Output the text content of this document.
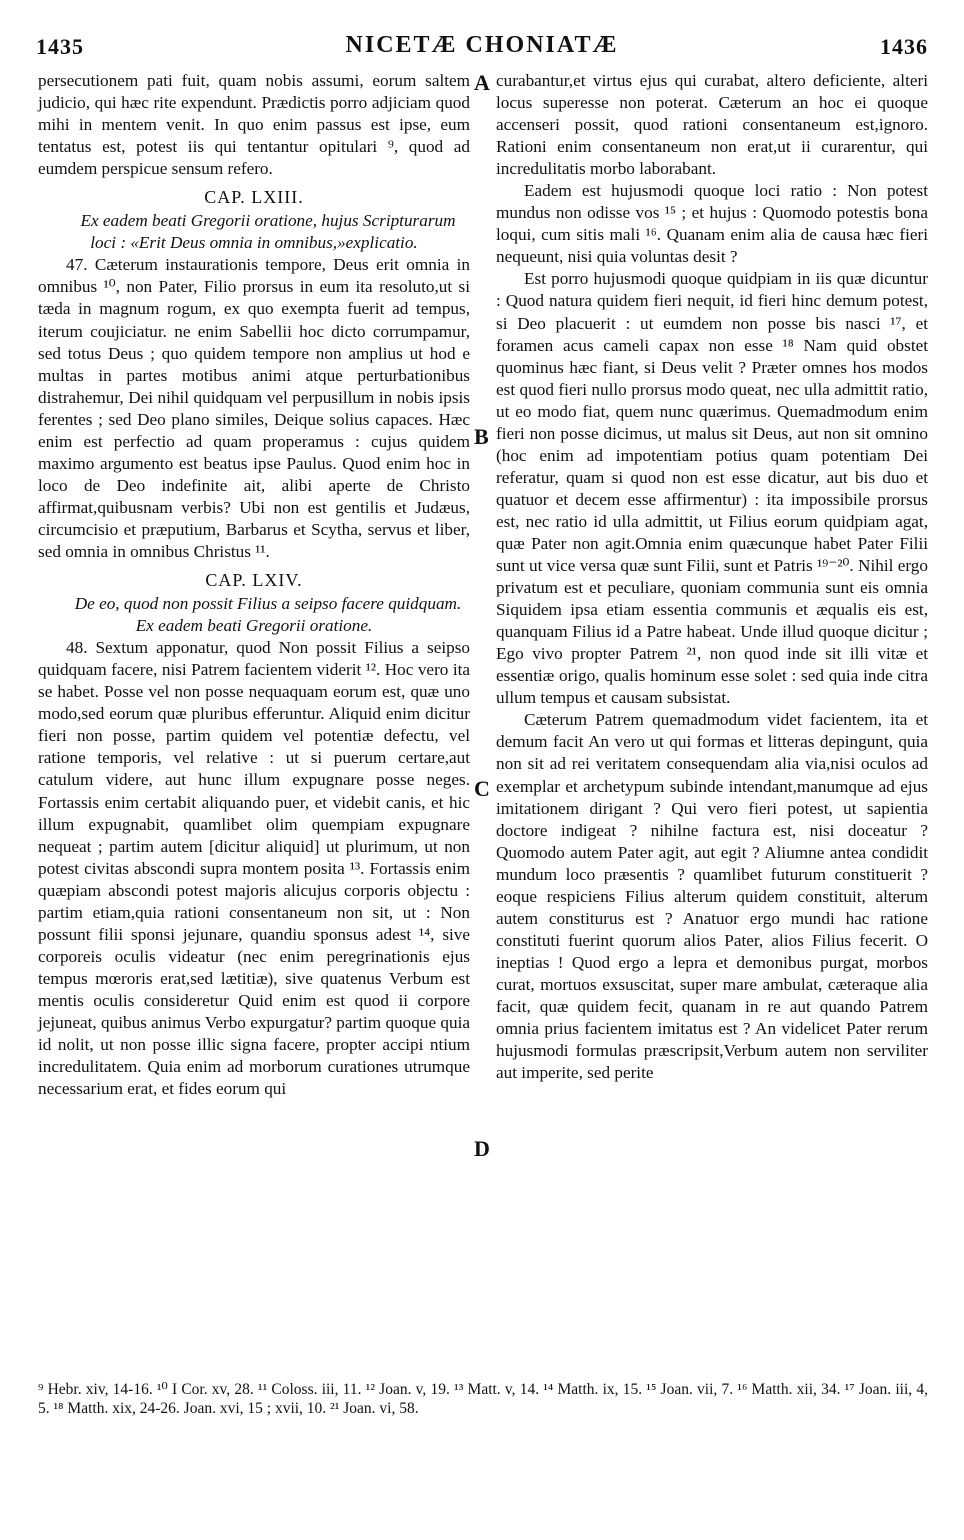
1435	NICETÆ CHONIATÆ	1436

persecutionem pati fuit, quam nobis assumi, eorum saltem judicio, qui hæc rite expendunt. Prædictis porro adjiciam quod mihi in mentem venit. In quo enim passus est ipse, eum tentatus est, potest iis qui tentantur opitulari ⁹, quod ad eumdem perspicue sensum refero.

CAP. LXIII.

Ex eadem beati Gregorii oratione, hujus Scripturarum loci : «Erit Deus omnia in omnibus,»explicatio.

47. Cæterum instaurationis tempore, Deus erit omnia in omnibus ¹⁰, non Pater, Filio prorsus in eum ita resoluto,ut si tæda in magnum rogum, ex quo exempta fuerit ad tempus, iterum coujiciatur. ne enim Sabellii hoc dicto corrumpamur, sed totus Deus ; quo quidem tempore non amplius ut hod e multas in partes motibus animi atque perturbationibus distrahemur, Dei nihil quidquam vel perpusillum in nobis ipsis ferentes ; sed Deo plano similes, Deique solius capaces. Hæc enim est perfectio ad quam properamus : cujus quidem maximo argumento est beatus ipse Paulus. Quod enim hoc in loco de Deo indefinite ait, alibi aperte de Christo affirmat,quibusnam verbis? Ubi non est gentilis et Judæus, circumcisio et præputium, Barbarus et Scytha, servus et liber, sed omnia in omnibus Christus ¹¹.

CAP. LXIV.

De eo, quod non possit Filius a seipso facere quidquam. Ex eadem beati Gregorii oratione.

48. Sextum apponatur, quod Non possit Filius a seipso quidquam facere, nisi Patrem facientem viderit ¹². Hoc vero ita se habet. Posse vel non posse nequaquam eorum est, quæ uno modo,sed eorum quæ pluribus efferuntur. Aliquid enim dicitur fieri non posse, partim quidem vel potentiæ defectu, vel ratione temporis, vel relative : ut si puerum certare,aut catulum videre, aut hunc illum expugnare posse neges. Fortassis enim certabit aliquando puer, et videbit canis, et hic illum expugnabit, quamlibet olim quempiam expugnare nequeat ; partim autem [dicitur aliquid] ut plurimum, ut non potest civitas abscondi supra montem posita ¹³. Fortassis enim quæpiam abscondi potest majoris alicujus corporis objectu : partim etiam,quia rationi consentaneum non sit, ut : Non possunt filii sponsi jejunare, quandiu sponsus adest ¹⁴, sive corporeis oculis videatur (nec enim peregrinationis ejus tempus mœroris erat,sed lætitiæ), sive quatenus Verbum est mentis oculis consideretur Quid enim est quod ii corpore jejuneat, quibus animus Verbo expurgatur? partim quoque quia id nolit, ut non posse illic signa facere, propter accipi ntium incredulitatem. Quia enim ad morborum curationes utrumque necessarium erat, et fides eorum qui

A
B
C
D

curabantur,et virtus ejus qui curabat, altero deficiente, alteri locus superesse non poterat. Cæterum an hoc ei quoque accenseri possit, quod rationi consentaneum est,ignoro. Rationi enim consentaneum non erat,ut ii curarentur, qui incredulitatis morbo laborabant.

Eadem est hujusmodi quoque loci ratio : Non potest mundus non odisse vos ¹⁵ ; et hujus : Quomodo potestis bona loqui, cum sitis mali ¹⁶. Quanam enim alia de causa hæc fieri nequeunt, nisi quia voluntas desit ?

Est porro hujusmodi quoque quidpiam in iis quæ dicuntur : Quod natura quidem fieri nequit, id fieri hinc demum potest, si Deo placuerit : ut eumdem non posse bis nasci ¹⁷, et foramen acus cameli capax non esse ¹⁸ Nam quid obstet quominus hæc fiant, si Deus velit ? Præter omnes hos modos est quod fieri nullo prorsus modo queat, nec ulla admittit ratio, ut eo modo fiat, quem nunc quærimus. Quemadmodum enim fieri non posse dicimus, ut malus sit Deus, aut non sit omnino (hoc enim ad impotentiam potius quam potentiam Dei referatur, quam si quod non est esse dicatur, aut bis duo et quatuor et decem esse affirmentur) : ita impossibile prorsus est, nec ratio id ulla admittit, ut Filius eorum quidpiam agat, quæ Pater non agit.Omnia enim quæcunque habet Pater Filii sunt ut vice versa quæ sunt Filii, sunt et Patris ¹⁹⁻²⁰. Nihil ergo privatum est et peculiare, quoniam communia sunt eis omnia Siquidem ipsa etiam essentia communis et æqualis eis est, quanquam Filius id a Patre habeat. Unde illud quoque dicitur ; Ego vivo propter Patrem ²¹, non quod inde sit illi vitæ et essentiæ origo, qualis hominum esse solet : sed quia inde citra ullum tempus et causam subsistat.

Cæterum Patrem quemadmodum videt facientem, ita et demum facit An vero ut qui formas et litteras depingunt, quia non sit ad rei veritatem consequendam alia via,nisi oculos ad exemplar et archetypum subinde intendant,manumque ad ejus imitationem dirigant ? Qui vero fieri potest, ut sapientia doctore indigeat ? nihilne factura est, nisi doceatur ? Quomodo autem Pater agit, aut egit ? Aliumne antea condidit mundum loco præsentis ? quamlibet futurum constituerit ? eoque respiciens Filius alterum quidem constituit, alterum autem constiturus est ? Anatuor ergo mundi hac ratione constituti fuerint quorum alios Pater, alios Filius fecerit. O ineptias ! Quod ergo a lepra et demonibus purgat, morbos curat, mortuos exsuscitat, super mare ambulat, cæteraque alia facit, quæ quidem fecit, quanam in re aut quando Patrem omnia prius facientem imitatus est ? An videlicet Pater rerum hujusmodi formulas præscripsit,Verbum autem non serviliter aut imperite, sed perite

⁹ Hebr. xiv, 14-16. ¹⁰ I Cor. xv, 28. ¹¹ Coloss. iii, 11. ¹² Joan. v, 19. ¹³ Matt. v, 14. ¹⁴ Matth. ix, 15. ¹⁵ Joan. vii, 7. ¹⁶ Matth. xii, 34. ¹⁷ Joan. iii, 4, 5. ¹⁸ Matth. xix, 24-26. Joan. xvi, 15 ; xvii, 10. ²¹ Joan. vi, 58.
